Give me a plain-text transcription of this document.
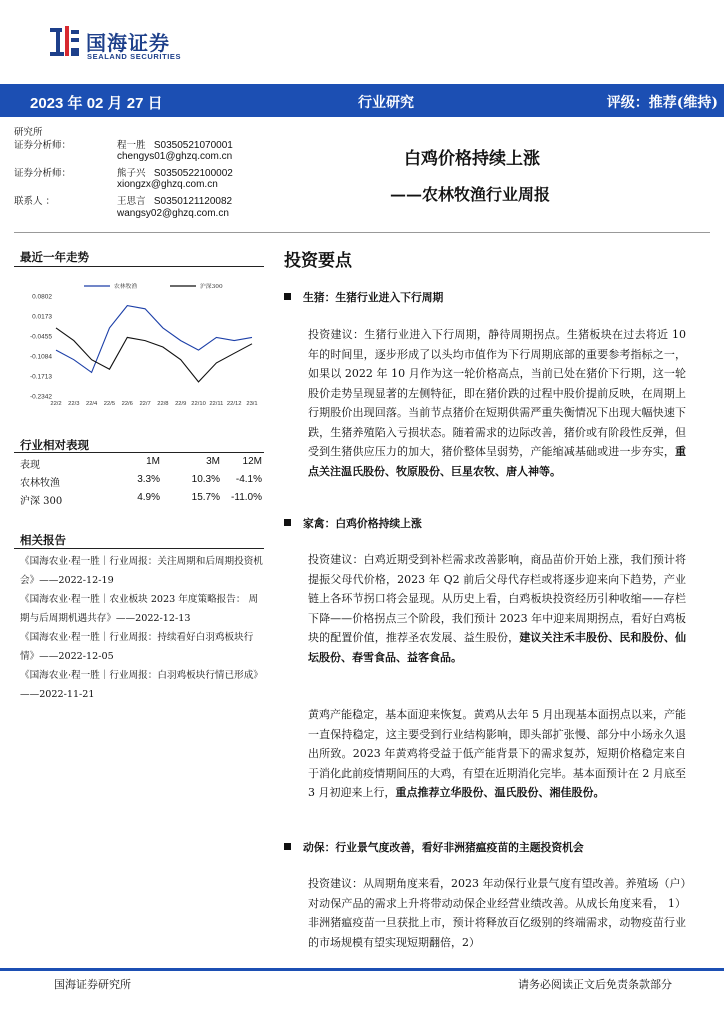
国海证券
SEALAND SECURITIES
2023 年 02 月 27 日	行业研究	评级：推荐(维持)
研究所
证券分析师：	程一胜 S0350521070001
chengys01@ghzq.com.cn
证券分析师：	熊子兴 S0350522100002
xiongzx@ghzq.com.cn
联系人 ：	王思言 S0350121120082
wangsy02@ghzq.com.cn
白鸡价格持续上涨
——农林牧渔行业周报
最近一年走势
0.0802
0.0173
-0.0455
-0.1084
-0.1713
-0.2342
22/2 22/3 22/4 22/5 22/6 22/7 22/8 22/9 22/10 22/11 22/12 23/1
农林牧渔	沪深300
行业相对表现
表现	1M	3M	12M
农林牧渔	3.3%	10.3%	-4.1%
沪深 300	4.9%	15.7%	-11.0%
相关报告

《国海农业·程一胜｜行业周报：关注周期和后周期投资机会》——2022-12-19

《国海农业·程一胜｜农业板块 2023 年度策略报告： 周期与后周期机遇共存》——2022-12-13

《国海农业·程一胜｜行业周报：持续看好白羽鸡板块行情》——2022-12-05

《国海农业·程一胜｜行业周报：白羽鸡板块行情已形成》——2022-11-21

投资要点
生猪：生猪行业进入下行周期
投资建议：生猪行业进入下行周期，静待周期拐点。生猪板块在过去将近 10 年的时间里，逐步形成了以头均市值作为下行周期底部的重要参考指标之一，如果以 2022 年 10 月作为这一轮价格高点，当前已处在猪价下行期，这一轮股价走势呈现显著的左侧特征，即在猪价跌的过程中股价提前反映，在周期上行期股价出现回落。当前节点猪价在短期供需严重失衡情况下出现大幅快速下跌，生猪养殖陷入亏损状态。随着需求的边际改善，猪价或有阶段性反弹，但受到生猪供应压力的加大，猪价整体呈弱势，产能缩减基础或进一步夯实，重点关注温氏股份、牧原股份、巨星农牧、唐人神等。
家禽：白鸡价格持续上涨
投资建议：白鸡近期受到补栏需求改善影响，商品苗价开始上涨，我们预计将提振父母代价格，2023 年 Q2 前后父母代存栏或将逐步迎来向下趋势，产业链上各环节拐口将会显现。从历史上看，白鸡板块投资经历引种收缩——存栏下降——价格拐点三个阶段，我们预计 2023 年中迎来周期拐点，看好白鸡板块的配置价值，推荐圣农发展、益生股份，建议关注禾丰股份、民和股份、仙坛股份、春雪食品、益客食品。
黄鸡产能稳定，基本面迎来恢复。黄鸡从去年 5 月出现基本面拐点以来，产能一直保持稳定，这主要受到行业结构影响，即头部扩张慢、部分中小场永久退出所致。2023 年黄鸡将受益于低产能背景下的需求复苏，短期价格稳定来自于消化此前疫情期间压的大鸡，有望在近期消化完毕。基本面预计在 2 月底至 3 月初迎来上行，重点推荐立华股份、温氏股份、湘佳股份。
动保：行业景气度改善，看好非洲猪瘟疫苗的主题投资机会
投资建议：从周期角度来看，2023 年动保行业景气度有望改善。养殖场（户）对动保产品的需求上升将带动动保企业经营业绩改善。从成长角度来看， 1）非洲猪瘟疫苗一旦获批上市，预计将释放百亿级别的终端需求，动物疫苗行业的市场规模有望实现短期翻倍，2）
国海证券研究所	请务必阅读正文后免责条款部分
